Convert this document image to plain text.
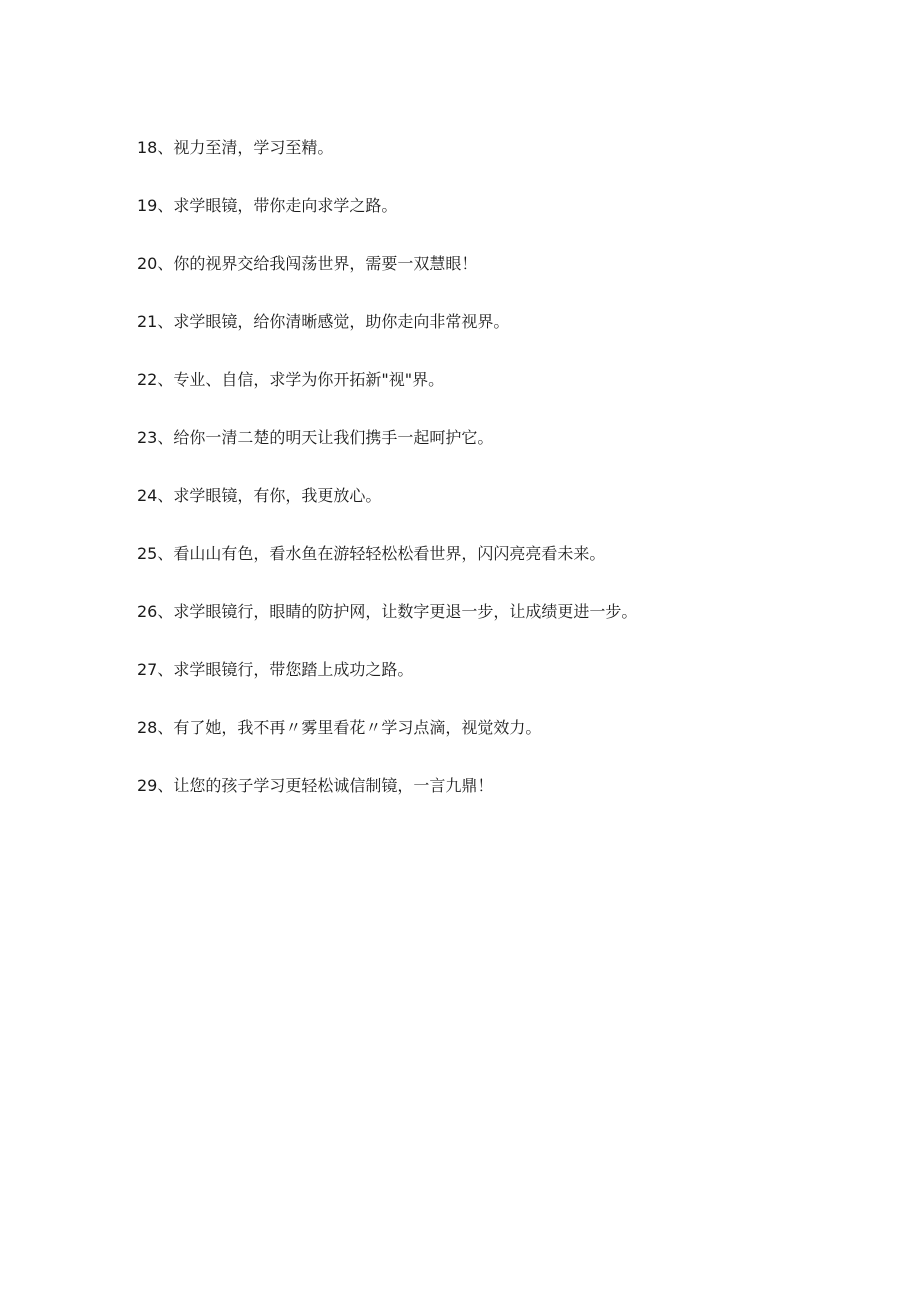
18、视力至清，学习至精。
19、求学眼镜，带你走向求学之路。
20、你的视界交给我闯荡世界，需要一双慧眼！
21、求学眼镜，给你清晰感觉，助你走向非常视界。
22、专业、自信，求学为你开拓新"视"界。
23、给你一清二楚的明天让我们携手一起呵护它。
24、求学眼镜，有你，我更放心。
25、看山山有色，看水鱼在游轻轻松松看世界，闪闪亮亮看未来。
26、求学眼镜行，眼睛的防护网，让数字更退一步，让成绩更进一步。
27、求学眼镜行，带您踏上成功之路。
28、有了她，我不再〃雾里看花〃学习点滴，视觉效力。
29、让您的孩子学习更轻松诚信制镜，一言九鼎！
